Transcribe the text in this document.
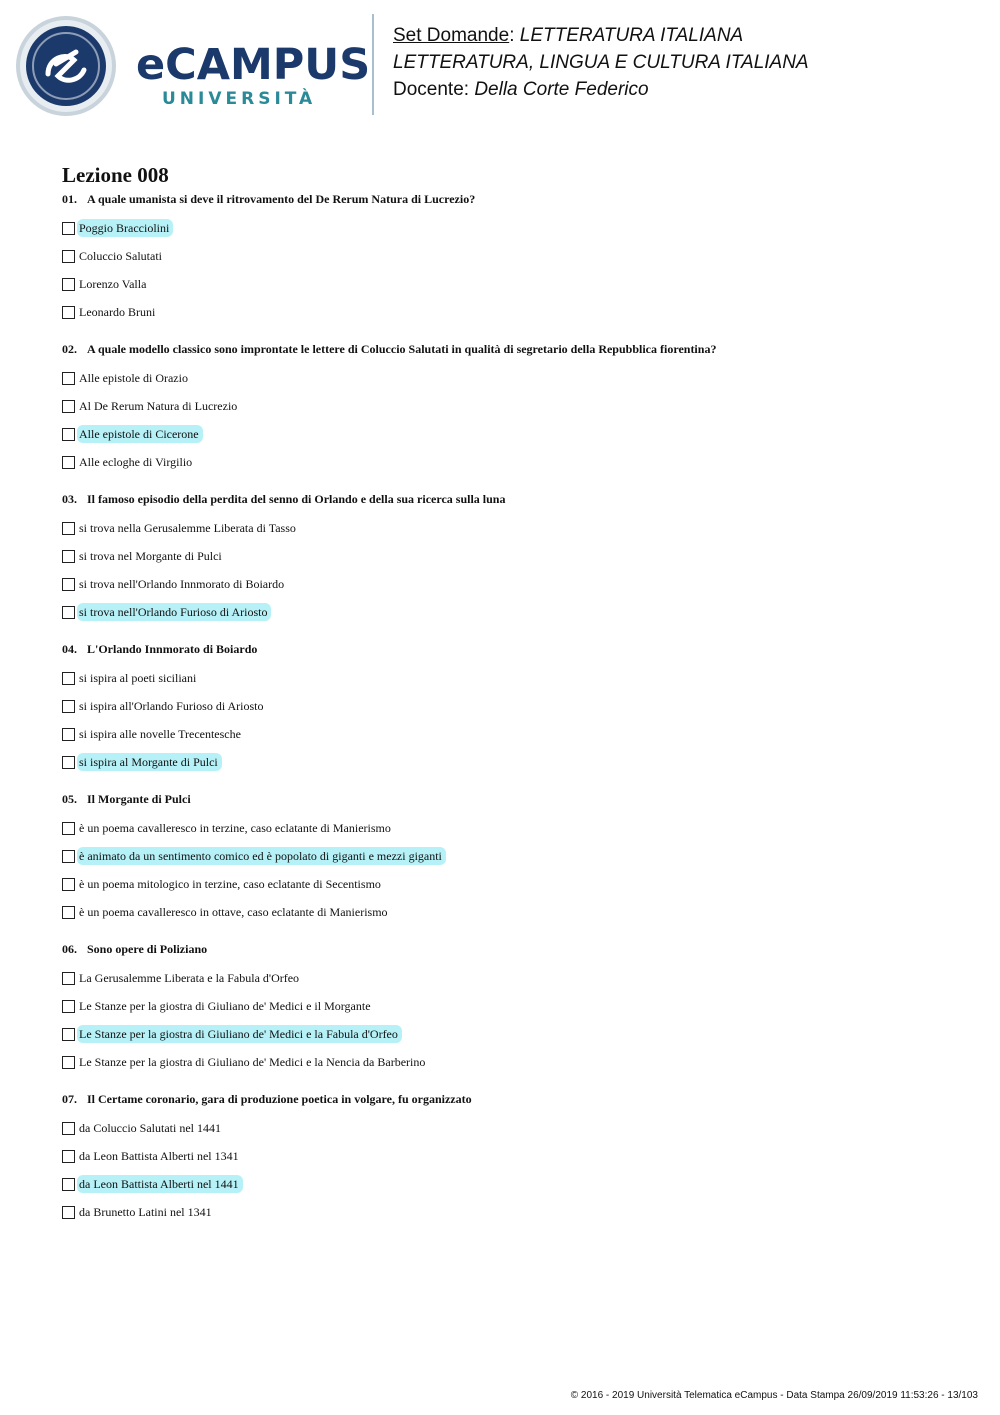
eCAMPUS
UNIVERSITÀ
Set Domande: LETTERATURA ITALIANA
LETTERATURA, LINGUA E CULTURA ITALIANA
Docente: Della Corte Federico
Lezione 008
01. A quale umanista si deve il ritrovamento del De Rerum Natura di Lucrezio?
Poggio Bracciolini
Coluccio Salutati
Lorenzo Valla
Leonardo Bruni
02. A quale modello classico sono improntate le lettere di Coluccio Salutati in qualità di segretario della Repubblica fiorentina?
Alle epistole di Orazio
Al De Rerum Natura di Lucrezio
Alle epistole di Cicerone
Alle ecloghe di Virgilio
03. Il famoso episodio della perdita del senno di Orlando e della sua ricerca sulla luna
si trova nella Gerusalemme Liberata di Tasso
si trova nel Morgante di Pulci
si trova nell'Orlando Innmorato di Boiardo
si trova nell'Orlando Furioso di Ariosto
04. L'Orlando Innmorato di Boiardo
si ispira al poeti siciliani
si ispira all'Orlando Furioso di Ariosto
si ispira alle novelle Trecentesche
si ispira al Morgante di Pulci
05. Il Morgante di Pulci
è un poema cavalleresco in terzine, caso eclatante di Manierismo
è animato da un sentimento comico ed è popolato di giganti e mezzi giganti
è un poema mitologico in terzine, caso eclatante di Secentismo
è un poema cavalleresco in ottave, caso eclatante di Manierismo
06. Sono opere di Poliziano
La Gerusalemme Liberata e la Fabula d'Orfeo
Le Stanze per la giostra di Giuliano de' Medici e il Morgante
Le Stanze per la giostra di Giuliano de' Medici e la Fabula d'Orfeo
Le Stanze per la giostra di Giuliano de' Medici e la Nencia da Barberino
07. Il Certame coronario, gara di produzione poetica in volgare, fu organizzato
da Coluccio Salutati nel 1441
da Leon Battista Alberti nel 1341
da Leon Battista Alberti nel 1441
da Brunetto Latini nel 1341
© 2016 - 2019 Università Telematica eCampus - Data Stampa 26/09/2019 11:53:26 - 13/103
